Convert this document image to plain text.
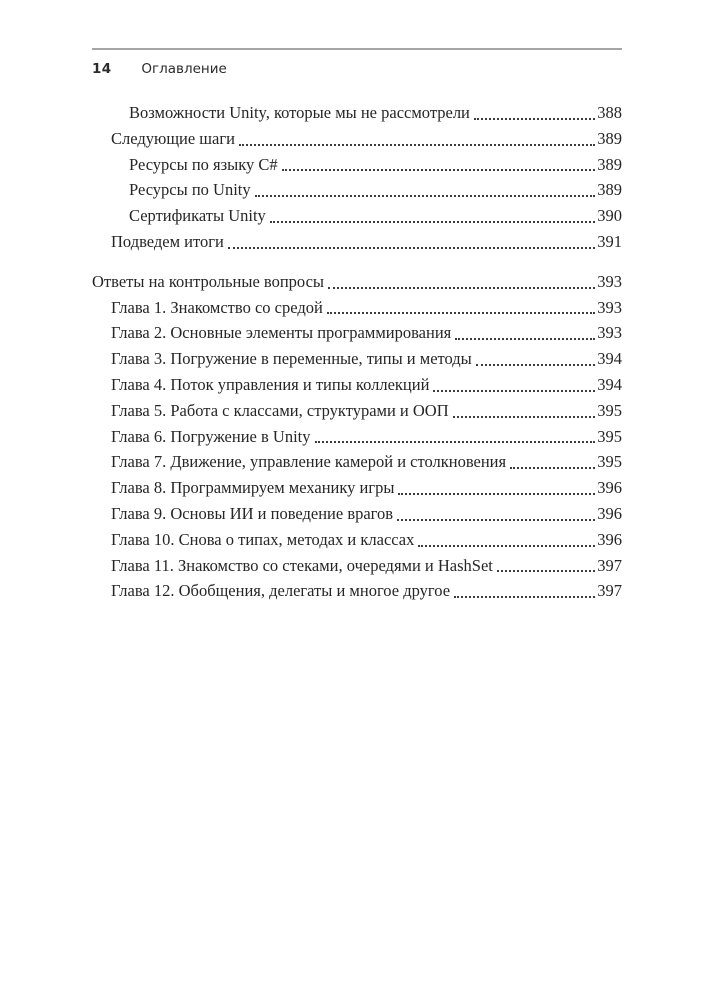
14 Оглавление
Возможности Unity, которые мы не рассмотрели	388
Следующие шаги	389
Ресурсы по языку C#	389
Ресурсы по Unity	389
Сертификаты Unity	390
Подведем итоги	391
Ответы на контрольные вопросы	393
Глава 1. Знакомство со средой	393
Глава 2. Основные элементы программирования	393
Глава 3. Погружение в переменные, типы и методы	394
Глава 4. Поток управления и типы коллекций	394
Глава 5. Работа с классами, структурами и ООП	395
Глава 6. Погружение в Unity	395
Глава 7. Движение, управление камерой и столкновения	395
Глава 8. Программируем механику игры	396
Глава 9. Основы ИИ и поведение врагов	396
Глава 10. Снова о типах, методах и классах	396
Глава 11. Знакомство со стеками, очередями и HashSet	397
Глава 12. Обобщения, делегаты и многое другое	397
